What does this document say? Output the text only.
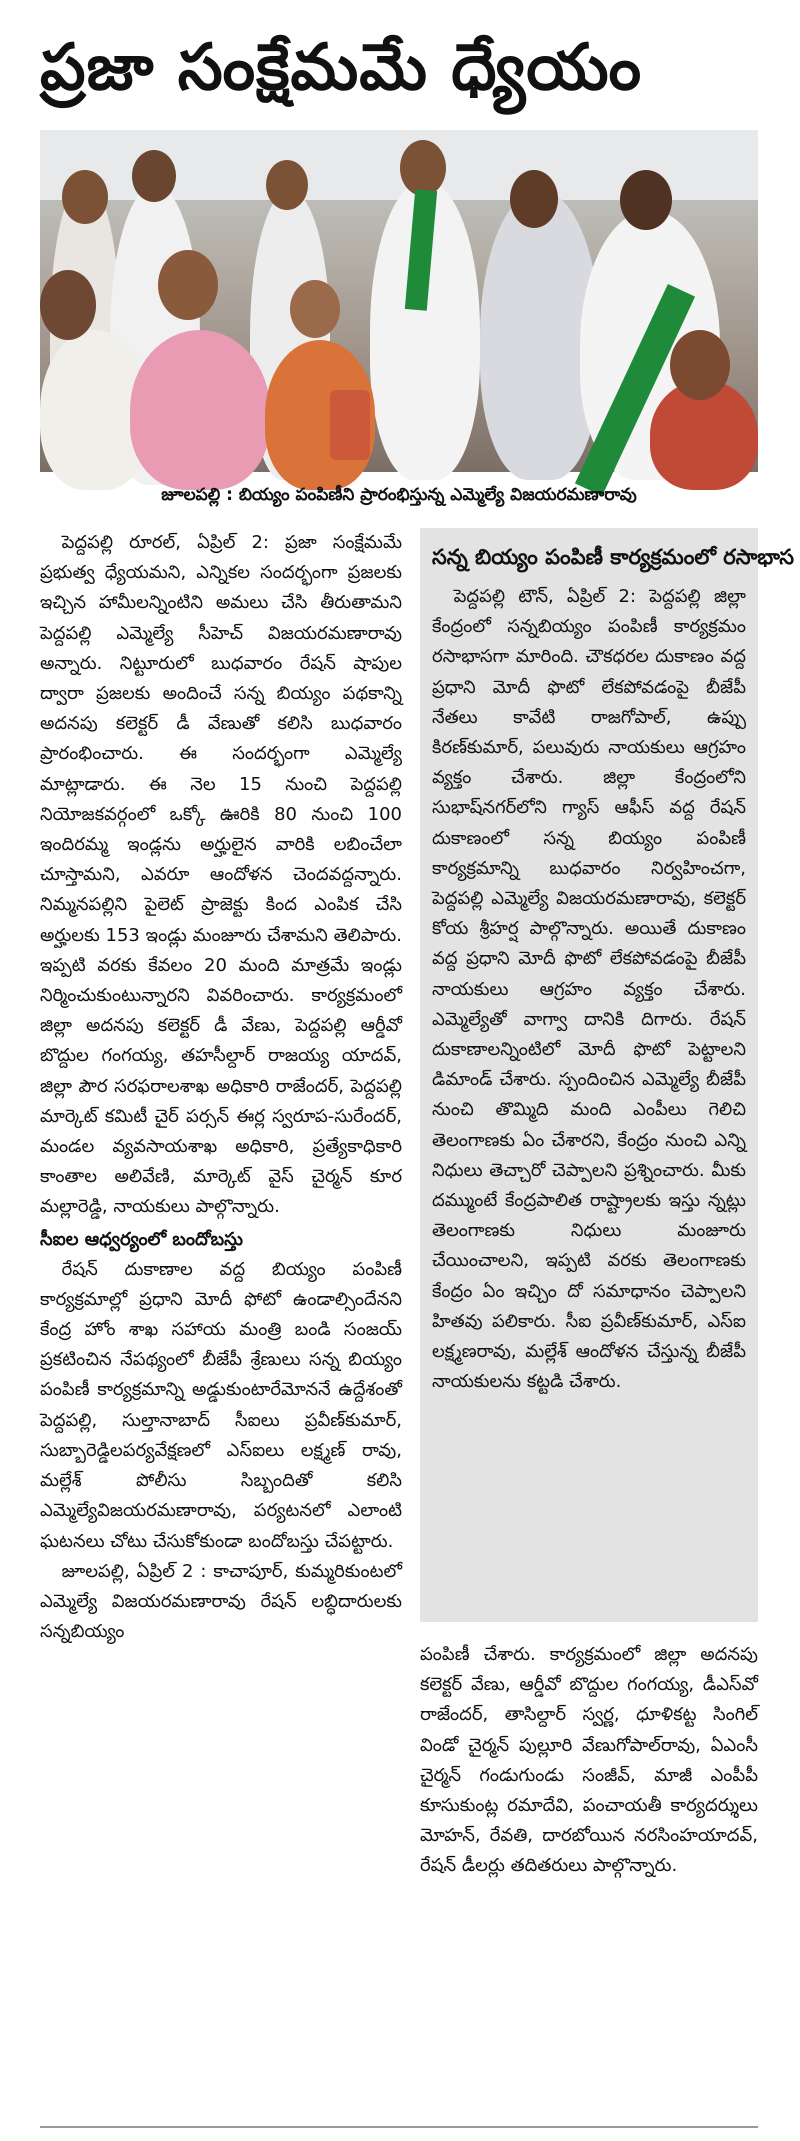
ప్రజా సంక్షేమమే ధ్యేయం
జూలపల్లి : బియ్యం పంపిణీని ప్రారంభిస్తున్న ఎమ్మెల్యే విజయరమణారావు

పెద్దపల్లి రూరల్, ఏప్రిల్ 2: ప్రజా సంక్షేమమే ప్రభుత్వ ధ్యేయమని, ఎన్నికల సందర్భంగా ప్రజలకు ఇచ్చిన హామీలన్నింటిని అమలు చేసి తీరుతామని పెద్దపల్లి ఎమ్మెల్యే సీహెచ్ విజయరమణారావు అన్నారు. నిట్టూరులో బుధవారం రేషన్ షాపుల ద్వారా ప్రజలకు అందించే సన్న బియ్యం పథకాన్ని అదనపు కలెక్టర్ డీ వేణుతో కలిసి బుధవారం ప్రారంభించారు. ఈ సందర్భంగా ఎమ్మెల్యే మాట్లాడారు. ఈ నెల 15 నుంచి పెద్దపల్లి నియోజకవర్గంలో ఒక్కో ఊరికి 80 నుంచి 100 ఇందిరమ్మ ఇండ్లను అర్హులైన వారికి లబించేలా చూస్తామని, ఎవరూ ఆందోళన చెందవద్దన్నారు. నిమ్మనపల్లిని పైలెట్ ప్రాజెక్టు కింద ఎంపిక చేసి అర్హులకు 153 ఇండ్లు మంజూరు చేశామని తెలిపారు. ఇప్పటి వరకు కేవలం 20 మంది మాత్రమే ఇండ్లు నిర్మించుకుంటున్నారని వివరించారు. కార్యక్రమంలో జిల్లా అదనపు కలెక్టర్ డీ వేణు, పెద్దపల్లి ఆర్డీవో బొద్దుల గంగయ్య, తహసీల్దార్ రాజయ్య యాదవ్, జిల్లా పౌర సరఫరాలశాఖ అధికారి రాజేందర్, పెద్దపల్లి మార్కెట్ కమిటీ చైర్ పర్సన్ ఈర్ల స్వరూప-సురేందర్, మండల వ్యవసాయశాఖ అధికారి, ప్రత్యేకాధికారి కాంతాల అలివేణి, మార్కెట్ వైస్ చైర్మన్ కూర మల్లారెడ్డి, నాయకులు పాల్గొన్నారు.

సీఐల ఆధ్వర్యంలో బందోబస్తు

రేషన్ దుకాణాల వద్ద బియ్యం పంపిణీ కార్యక్రమాల్లో ప్రధాని మోదీ ఫోటో ఉండాల్సిందేనని కేంద్ర హోం శాఖ సహాయ మంత్రి బండి సంజయ్ ప్రకటించిన నేపథ్యంలో బీజేపీ శ్రేణులు సన్న బియ్యం పంపిణీ కార్యక్రమాన్ని అడ్డుకుంటారేమోననే ఉద్దేశంతో పెద్దపల్లి, సుల్తానాబాద్ సీఐలు ప్రవీణ్‌కుమార్, సుబ్బారెడ్డిలపర్యవేక్షణలో ఎస్ఐలు లక్ష్మణ్ రావు, మల్లేశ్ పోలీసు సిబ్బందితో కలిసి ఎమ్మెల్యేవిజయరమణారావు, పర్యటనలో ఎలాంటి ఘటనలు చోటు చేసుకోకుండా బందోబస్తు చేపట్టారు.

జూలపల్లి, ఏప్రిల్ 2 : కాచాపూర్, కుమ్మరికుంటలో ఎమ్మెల్యే విజయరమణారావు రేషన్ లబ్ధిదారులకు సన్నబియ్యం

సన్న బియ్యం పంపిణీ కార్యక్రమంలో రసాభాస

పెద్దపల్లి టౌన్, ఏప్రిల్ 2: పెద్దపల్లి జిల్లా కేంద్రంలో సన్నబియ్యం పంపిణీ కార్యక్రమం రసాభాసగా మారింది. చౌకధరల దుకాణం వద్ద ప్రధాని మోదీ ఫొటో లేకపోవడంపై బీజేపీ నేతలు కావేటి రాజగోపాల్, ఉప్పు కిరణ్‌కుమార్, పలువురు నాయకులు ఆగ్రహం వ్యక్తం చేశారు. జిల్లా కేంద్రంలోని సుభాష్‌నగర్‌లోని గ్యాస్ ఆఫీస్ వద్ద రేషన్ దుకాణంలో సన్న బియ్యం పంపిణీ కార్యక్రమాన్ని బుధవారం నిర్వహించగా, పెద్దపల్లి ఎమ్మెల్యే విజయరమణారావు, కలెక్టర్ కోయ శ్రీహర్ష పాల్గొన్నారు. అయితే దుకాణం వద్ద ప్రధాని మోదీ ఫొటో లేకపోవడంపై బీజేపీ నాయకులు ఆగ్రహం వ్యక్తం చేశారు. ఎమ్మెల్యేతో వాగ్వా దానికి దిగారు. రేషన్ దుకాణాలన్నింటిలో మోదీ ఫొటో పెట్టాలని డిమాండ్ చేశారు. స్పందించిన ఎమ్మెల్యే బీజేపీ నుంచి తొమ్మిది మంది ఎంపీలు గెలిచి తెలంగాణకు ఏం చేశారని, కేంద్రం నుంచి ఎన్ని నిధులు తెచ్చారో చెప్పాలని ప్రశ్నించారు. మీకు దమ్ముంటే కేంద్రపాలిత రాష్ట్రాలకు ఇస్తు న్నట్లు తెలంగాణకు నిధులు మంజూరు చేయించాలని, ఇప్పటి వరకు తెలంగాణకు కేంద్రం ఏం ఇచ్చిం దో సమాధానం చెప్పాలని హితవు పలికారు. సీఐ ప్రవీణ్‌కుమార్, ఎస్ఐ లక్ష్మణరావు, మల్లేశ్ ఆందోళన చేస్తున్న బీజేపీ నాయకులను కట్టడి చేశారు.

పంపిణీ చేశారు. కార్యక్రమంలో జిల్లా అదనపు కలెక్టర్ వేణు, ఆర్డీవో బొద్దుల గంగయ్య, డీఎస్‌వో రాజేందర్, తాసిల్దార్ స్వర్ణ, ధూళికట్ట సింగిల్ విండో చైర్మన్ పుల్లూరి వేణుగోపాల్‌రావు, ఏఎంసీ చైర్మన్ గండుగుండు సంజీవ్, మాజీ ఎంపీపీ కూసుకుంట్ల రమాదేవి, పంచాయతీ కార్యదర్శులు మోహన్, రేవతి, దారబోయిన నరసింహయాదవ్, రేషన్ డీలర్లు తదితరులు పాల్గొన్నారు.
